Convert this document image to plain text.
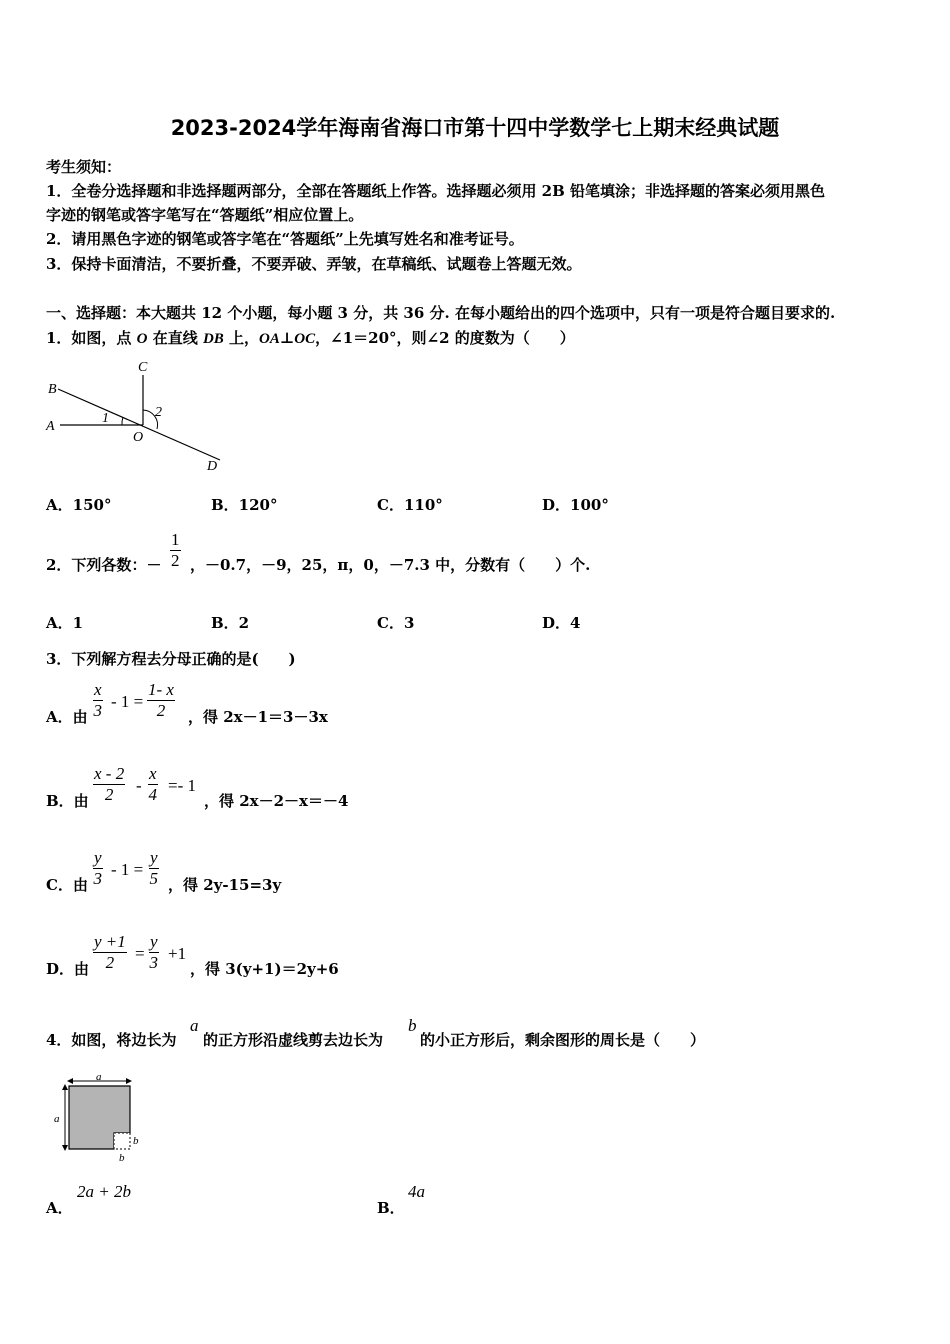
2023-2024学年海南省海口市第十四中学数学七上期末经典试题
考生须知：
1．全卷分选择题和非选择题两部分，全部在答题纸上作答。选择题必须用 2B 铅笔填涂；非选择题的答案必须用黑色
字迹的钢笔或答字笔写在“答题纸”相应位置上。
2．请用黑色字迹的钢笔或答字笔在“答题纸”上先填写姓名和准考证号。
3．保持卡面清洁，不要折叠，不要弄破、弄皱，在草稿纸、试题卷上答题无效。
一、选择题：本大题共 12 个小题，每小题 3 分，共 36 分. 在每小题给出的四个选项中，只有一项是符合题目要求的.
1．如图，点 O 在直线 DB 上，OA⊥OC，∠1＝20°，则∠2 的度数为（　　）
B
A
C
O
D
1	2
A．150°	B．120°	C．110°	D．100°
2．下列各数：－ $\frac{1}{2}$ ，－0.7，－9，25，π，0，－7.3 中，分数有（　　）个.
A．1	B．2	C．3	D．4
3．下列解方程去分母正确的是(　　)
A．由 $\frac{x}{3} - 1 = \frac{1- x}{2}$ ，得 2x－1＝3－3x
B．由 $\frac{x - 2}{2} - \frac{x}{4} =- 1$
，得 2x－2－x＝－4
C．由 $\frac{y}{3} - 1 = \frac{y}{5}$ ，得 2y-15=3y
D．由 $\frac{y +1}{2} = \frac{y}{3} +1$
，得 3(y+1)＝2y+6
4．如图，将边长为
a
的正方形沿虚线剪去边长为
b
的小正方形后，剩余图形的周长是（　　）
a
a
b
b
A．
2a + 2b
B．
4a
